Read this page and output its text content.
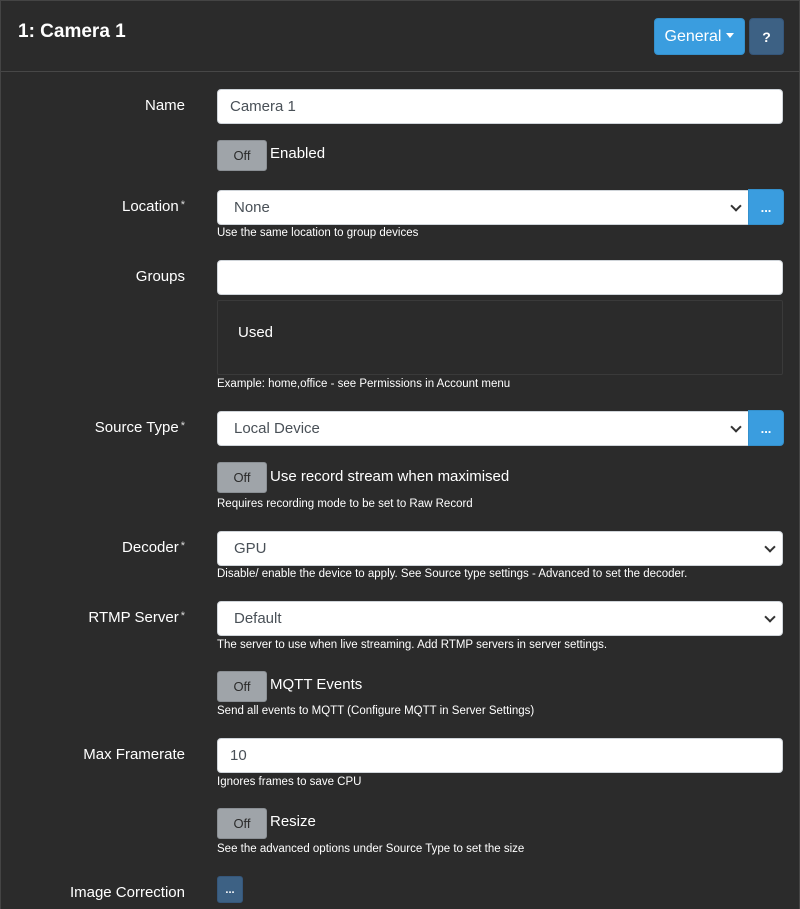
1: Camera 1	General	?
Name	Camera 1
Off	Enabled
Location *	None	...
Use the same location to group devices
Groups
Used
Example: home,office - see Permissions in Account menu
Source Type *	Local Device	...
Off	Use record stream when maximised
Requires recording mode to be set to Raw Record
Decoder *	GPU
Disable/ enable the device to apply. See Source type settings - Advanced to set the decoder.
RTMP Server *	Default
The server to use when live streaming. Add RTMP servers in server settings.
Off	MQTT Events
Send all events to MQTT (Configure MQTT in Server Settings)
Max Framerate	10
Ignores frames to save CPU
Off	Resize
See the advanced options under Source Type to set the size
Image Correction	...
